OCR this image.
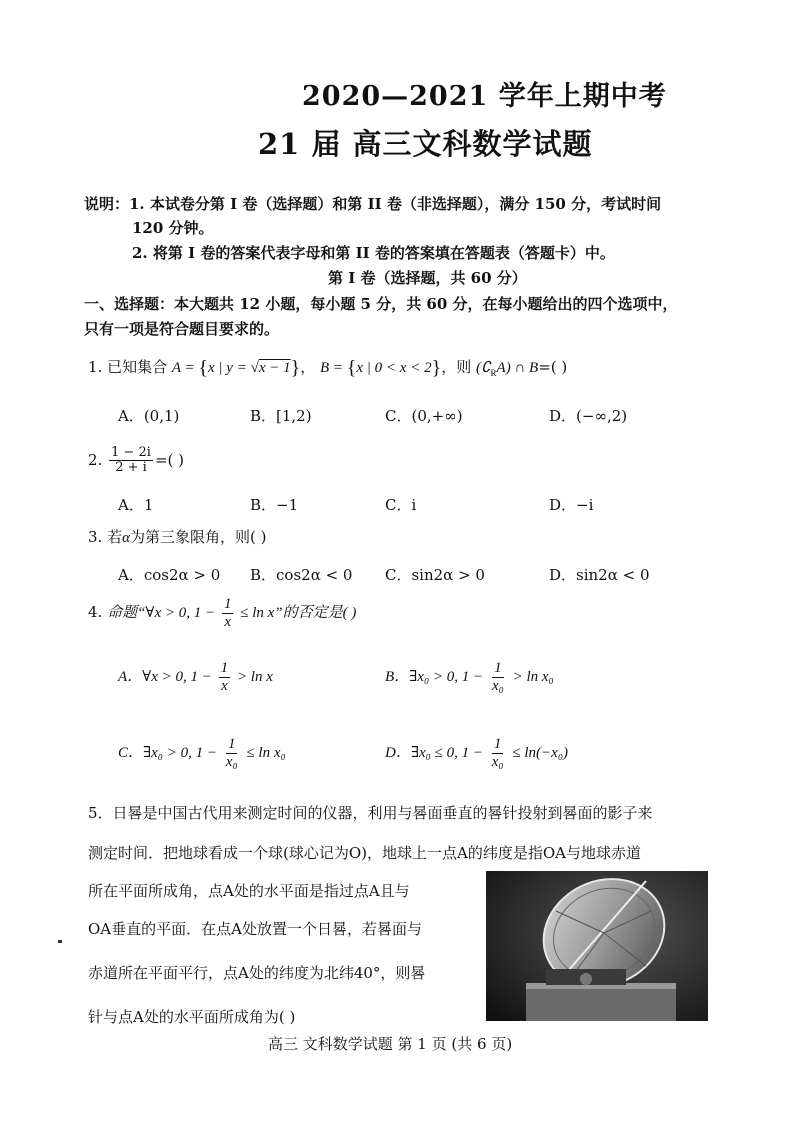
2020—2021 学年上期中考
21 届 高三文科数学试题
说明：1. 本试卷分第 I 卷（选择题）和第 II 卷（非选择题），满分 150 分，考试时间
120 分钟。
2. 将第 I 卷的答案代表字母和第 II 卷的答案填在答题表（答题卡）中。
第 I 卷（选择题，共 60 分）
一、选择题：本大题共 12 小题，每小题 5 分，共 60 分，在每小题给出的四个选项中，
只有一项是符合题目要求的。
1. 已知集合 A = {x | y = √x − 1}， B = {x | 0 < x < 2}，则 $(∁_RA)$ ∩ B=( )
A．(0,1)	B．[1,2)	C．(0,+∞)	D．(−∞,2)
2. $\frac{1 - 2i}{2 + i}$ =( )
A．1	B．−1	C．i	D．−i
3. 若α为第三象限角，则( )
A．cos2α > 0 B．cos2α < 0 C．sin2α > 0	D．sin2α < 0
4. 命题“∀x > 0, $1 - \frac{1}{x} \le \ln x$”的否定是( )
A．∀x > 0, $1 - \frac{1}{x} > \ln x$	B．∃x₀ > 0, $1 - \frac{1}{\text{x₀}} > \ln x_0$
C．∃x₀ > 0, $1 - \frac{1}{\text{x₀}} \le \ln x_0$	D．∃x₀ ≤ 0, $1 - \frac{1}{\text{x₀}} \le \ln(-x_0)$
5．日晷是中国古代用来测定时间的仪器，利用与晷面垂直的晷针投射到晷面的影子来
测定时间．把地球看成一个球(球心记为O)，地球上一点A的纬度是指OA与地球赤道
所在平面所成角，点A处的水平面是指过点A且与
OA垂直的平面．在点A处放置一个日晷，若晷面与
赤道所在平面平行，点A处的纬度为北纬40°，则晷
针与点A处的水平面所成角为( )
高三 文科数学试题 第 1 页 (共 6 页)
